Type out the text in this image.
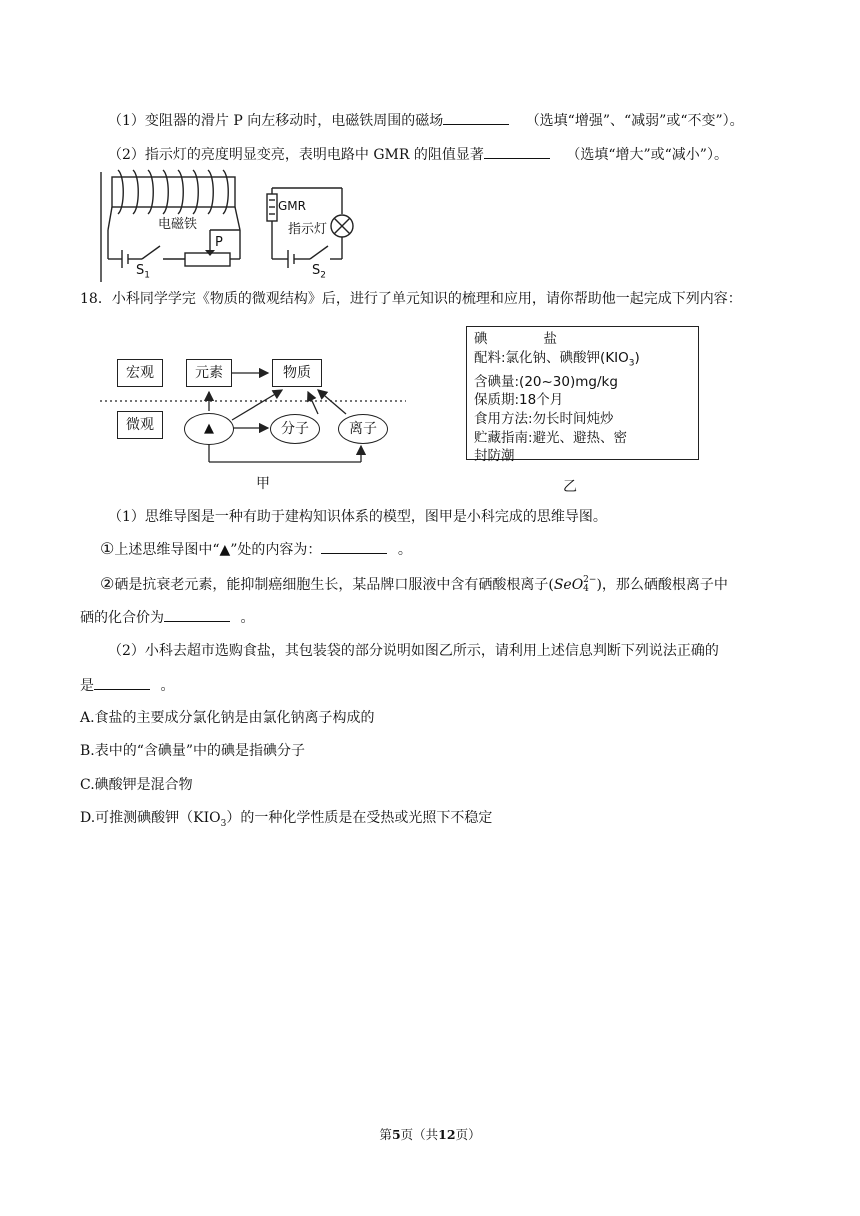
（1）变阻器的滑片 P 向左移动时，电磁铁周围的磁场	（选填“增强”、“减弱”或“不变”）。
（2）指示灯的亮度明显变亮，表明电路中 GMR 的阻值显著	（选填“增大”或“减小”）。
电磁铁
P
$S_1$
GMR
指示灯
$S_2$
18．小科同学学完《物质的微观结构》后，进行了单元知识的梳理和应用，请你帮助他一起完成下列内容：
宏观	元素	物质
微观	▲	分子	离子
甲
碘	盐
配料:氯化钠、碘酸钾$(KIO_3)$
含碘量:(20~30)mg/kg
保质期:18个月
食用方法:勿长时间炖炒
贮藏指南:避光、避热、密
封防潮
乙
（1）思维导图是一种有助于建构知识体系的模型，图甲是小科完成的思维导图。
①上述思维导图中“▲”处的内容为：	。
②硒是抗衰老元素，能抑制癌细胞生长，某品牌口服液中含有硒酸根离子(SeO 2−
4 )，那么硒酸根离子中
硒的化合价为	。
（2）小科去超市选购食盐，其包装袋的部分说明如图乙所示，请利用上述信息判断下列说法正确的
是	。
A.食盐的主要成分氯化钠是由氯化钠离子构成的
B.表中的“含碘量”中的碘是指碘分子
C.碘酸钾是混合物
D.可推测碘酸钾$(KIO_3)$的一种化学性质是在受热或光照下不稳定
第5页（共12页）
